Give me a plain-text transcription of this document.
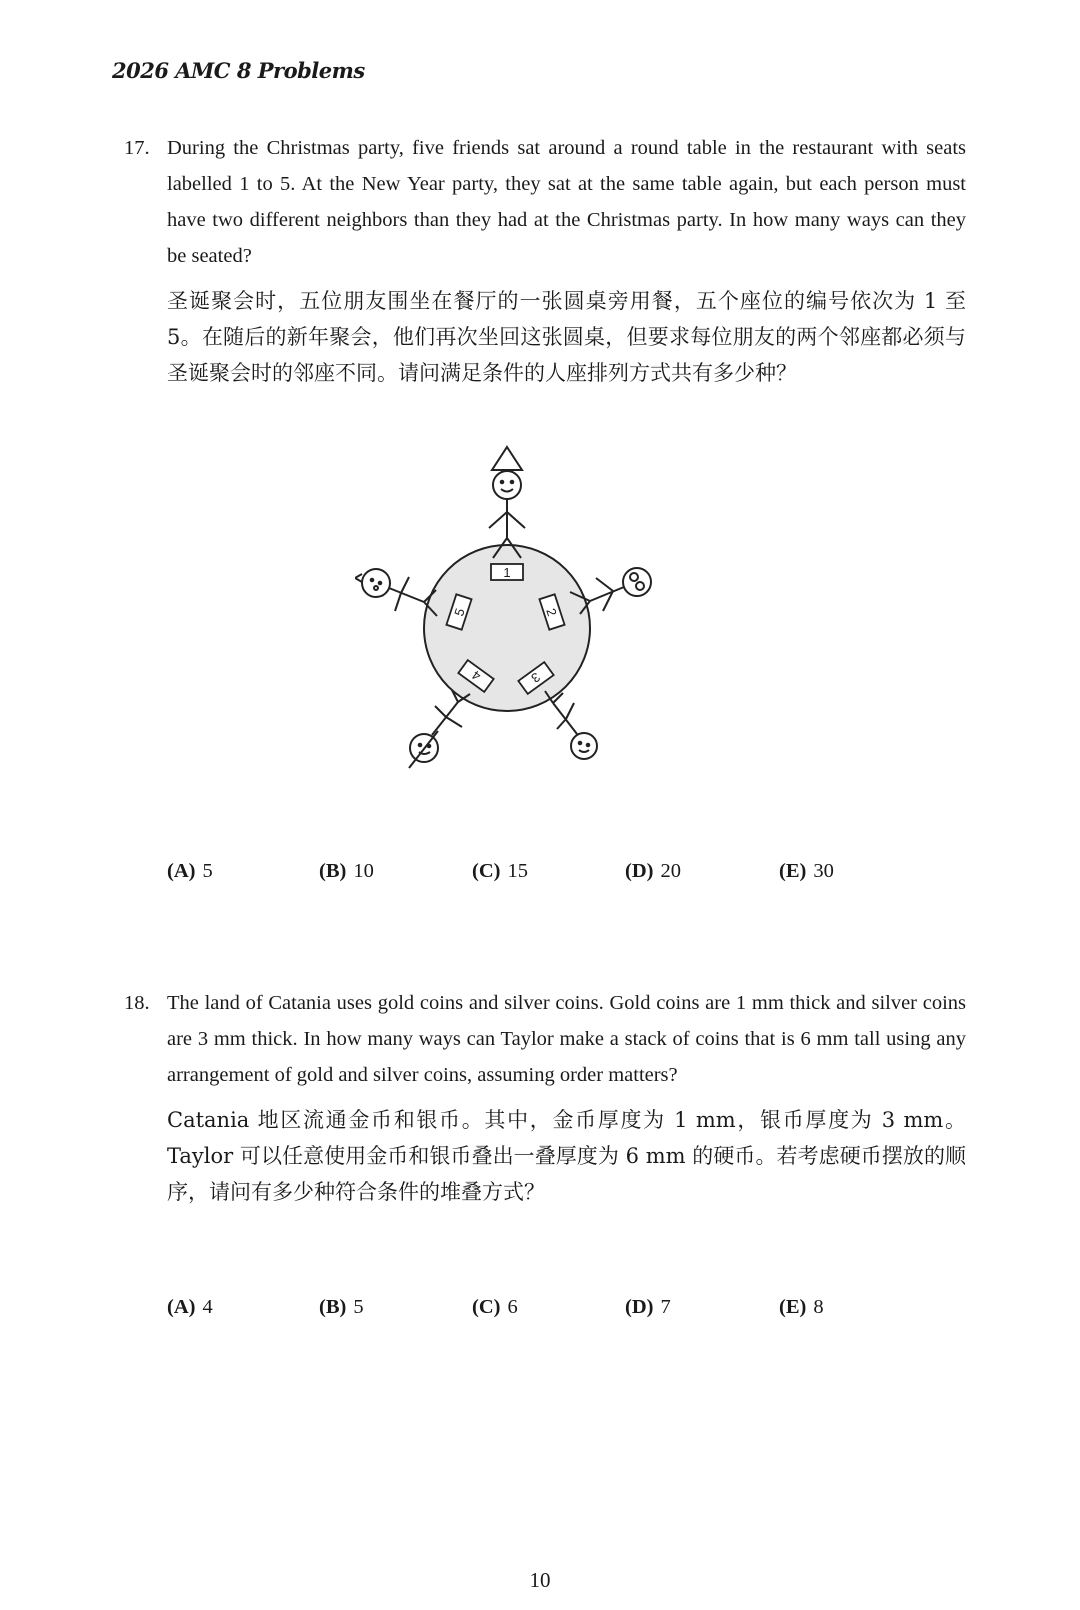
2026 AMC 8 Problems
17. During the Christmas party, five friends sat around a round table in the restaurant with seats labelled 1 to 5. At the New Year party, they sat at the same table again, but each person must have two different neighbors than they had at the Christmas party. In how many ways can they be seated?

圣诞聚会时，五位朋友围坐在餐厅的一张圆桌旁用餐，五个座位的编号依次为 1 至 5。在随后的新年聚会，他们再次坐回这张圆桌，但要求每位朋友的两个邻座都必须与圣诞聚会时的邻座不同。请问满足条件的人座排列方式共有多少种？

1
2
3
4
5
(A) 5	(B) 10	(C) 15	(D) 20	(E) 30
18. The land of Catania uses gold coins and silver coins. Gold coins are 1 mm thick and silver coins are 3 mm thick. In how many ways can Taylor make a stack of coins that is 6 mm tall using any arrangement of gold and silver coins, assuming order matters?

Catania 地区流通金币和银币。其中，金币厚度为 1 mm，银币厚度为 3 mm。Taylor 可以任意使用金币和银币叠出一叠厚度为 6 mm 的硬币。若考虑硬币摆放的顺序，请问有多少种符合条件的堆叠方式？

(A) 4	(B) 5	(C) 6	(D) 7	(E) 8
10
